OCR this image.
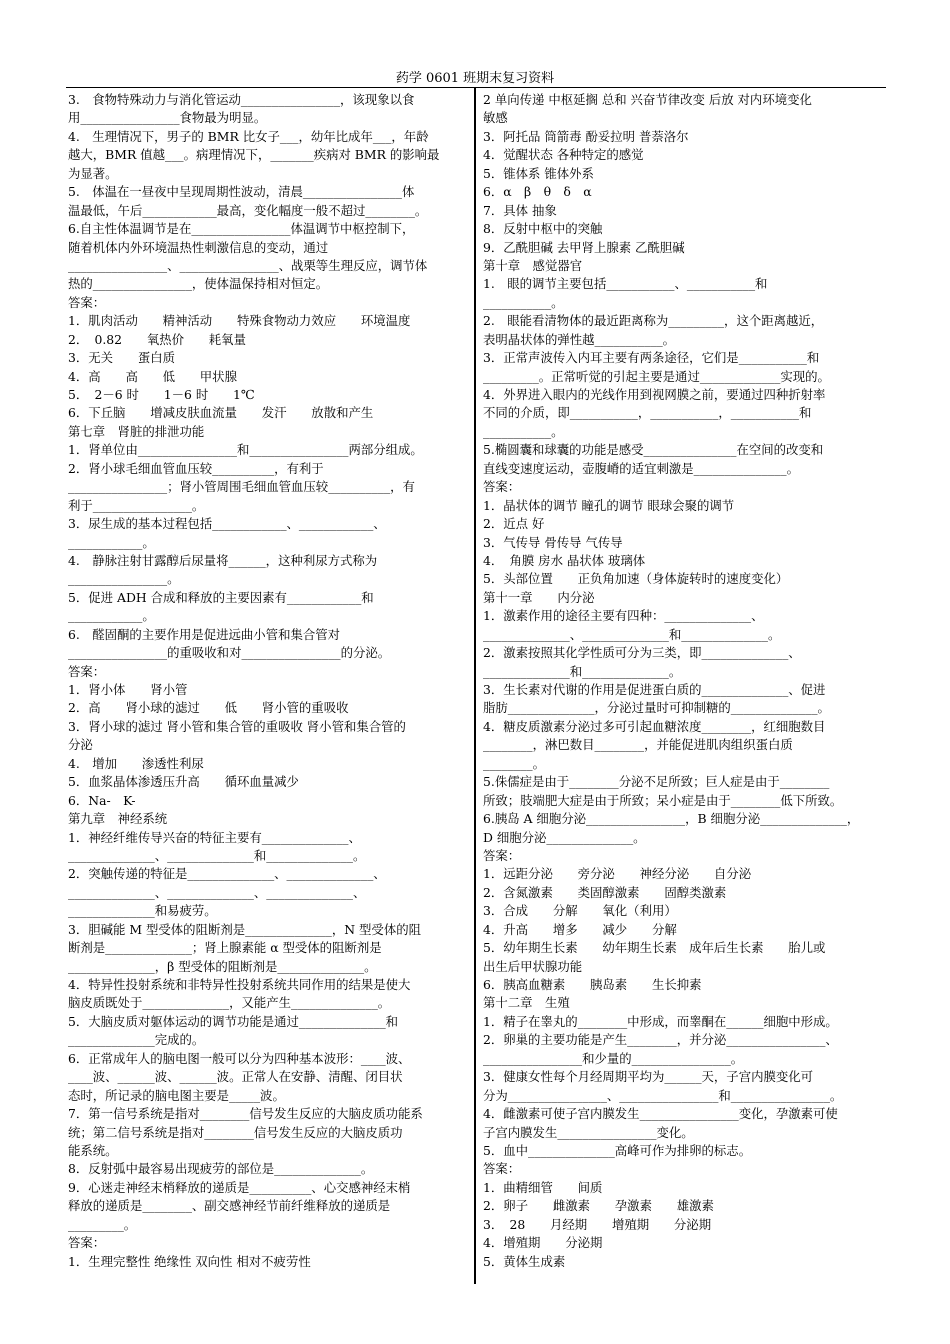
药学 0601 班期末复习资料
3.　食物特殊动力与消化管运动________________，该现象以食
用________________食物最为明显。
4.　生理情况下，男子的 BMR 比女子___，幼年比成年___，年龄
越大，BMR 值越___。病理情况下，_______疾病对 BMR 的影响最
为显著。
5.　体温在一昼夜中呈现周期性波动，清晨________________体
温最低，午后____________最高，变化幅度一般不超过________。
6.自主性体温调节是在________________体温调节中枢控制下，
随着机体内外环境温热性刺激信息的变动，通过
________________、________________、战栗等生理反应，调节体
热的________________，使体温保持相对恒定。
答案：
1．肌肉活动　　精神活动　　特殊食物动力效应　　环境温度
2．　0.82　　氧热价　　耗氧量
3．无关　　蛋白质
4．高　　高　　低　　甲状腺
5．　2－6 时　　1－6 时　　1℃
6．下丘脑　　增减皮肤血流量　　发汗　　放散和产生
第七章　肾脏的排泄功能
1．肾单位由________________和________________两部分组成。
2．肾小球毛细血管血压较__________，有利于
________________；肾小管周围毛细血管血压较__________，有
利于________________。
3．尿生成的基本过程包括____________、____________、
____________。
4.　静脉注射甘露醇后尿量将______，这种利尿方式称为
________________。
5．促进 ADH 合成和释放的主要因素有____________和
____________。
6.　醛固酮的主要作用是促进远曲小管和集合管对
________________的重吸收和对________________的分泌。
答案：
1．肾小体　　肾小管
2．高　　肾小球的滤过　　低　　肾小管的重吸收
3．肾小球的滤过 肾小管和集合管的重吸收 肾小管和集合管的
分泌
4.　增加　　渗透性利尿
5．血浆晶体渗透压升高　　循环血量减少
6．Na-　K-
第九章　神经系统
1．神经纤维传导兴奋的特征主要有______________、
______________、______________和______________。
2．突触传递的特征是______________、______________、
______________、______________、______________、
______________和易疲劳。
3．胆碱能 M 型受体的阻断剂是______________，N 型受体的阻
断剂是______________；肾上腺素能 α 型受体的阻断剂是
______________，β 型受体的阻断剂是______________。
4．特异性投射系统和非特异性投射系统共同作用的结果是使大
脑皮质既处于______________，又能产生______________。
5．大脑皮质对躯体运动的调节功能是通过______________和
______________完成的。
6．正常成年人的脑电图一般可以分为四种基本波形：____波、
____波、______波、______波。正常人在安静、清醒、闭目状
态时，所记录的脑电图主要是_____波。
7．第一信号系统是指对________信号发生反应的大脑皮质功能系
统；第二信号系统是指对________信号发生反应的大脑皮质功
能系统。
8．反射弧中最容易出现疲劳的部位是______________。
9．心迷走神经末梢释放的递质是__________、心交感神经末梢
释放的递质是________、副交感神经节前纤维释放的递质是
_________。
答案：
1．生理完整性 绝缘性 双向性 相对不疲劳性
2 单向传递 中枢延搁 总和 兴奋节律改变 后放 对内环境变化
敏感
3．阿托品 筒箭毒 酚妥拉明 普萘洛尔
4．觉醒状态 各种特定的感觉
5．锥体系 锥体外系
6．α　β　θ　δ　α
7．具体 抽象
8．反射中枢中的突触
9．乙酰胆碱 去甲肾上腺素 乙酰胆碱
第十章　感觉器官
1.　眼的调节主要包括___________、___________和
___________。
2.　眼能看清物体的最近距离称为_________，这个距离越近，
表明晶状体的弹性越___________。
3．正常声波传入内耳主要有两条途径，它们是___________和
_________。正常听觉的引起主要是通过_____________实现的。
4．外界进入眼内的光线作用到视网膜之前，要通过四种折射率
不同的介质，即___________，___________，___________和
___________。
5.椭圆囊和球囊的功能是感受_______________在空间的改变和
直线变速度运动，壶腹嵴的适宜刺激是_______________。
答案：
1．晶状体的调节 瞳孔的调节 眼球会聚的调节
2．近点 好
3．气传导 骨传导 气传导
4．　角膜 房水 晶状体 玻璃体
5．头部位置　　正负角加速（身体旋转时的速度变化）
第十一章　　内分泌
1．激素作用的途径主要有四种：______________、
______________、______________和______________。
2．激素按照其化学性质可分为三类，即______________、
______________和______________。
3．生长素对代谢的作用是促进蛋白质的______________、促进
脂肪______________，分泌过量时可抑制糖的______________。
4．糖皮质激素分泌过多可引起血糖浓度________，红细胞数目
________，淋巴数目________，并能促进肌肉组织蛋白质
________。
5.侏儒症是由于________分泌不足所致；巨人症是由于________
所致；肢端肥大症是由于所致；呆小症是由于________低下所致。
6.胰岛 A 细胞分泌________________，B 细胞分泌______________，
D 细胞分泌______________。
答案：
1．远距分泌　　旁分泌　　神经分泌　　自分泌
2．含氮激素　　类固醇激素　　固醇类激素
3．合成　　分解　　氧化（利用）
4．升高　　增多　　减少　　分解
5．幼年期生长素　　幼年期生长素　成年后生长素　　胎儿或
出生后甲状腺功能
6．胰高血糖素　　胰岛素　　生长抑素
第十二章　生殖
1．精子在睾丸的________中形成，而睾酮在______细胞中形成。
2．卵巢的主要功能是产生________，并分泌________________、
________________和少量的________________。
3．健康女性每个月经周期平均为______天，子宫内膜变化可
分为________________、________________和________________。
4．雌激素可使子宫内膜发生________________变化，孕激素可使
子宫内膜发生________________变化。
5．血中______________高峰可作为排卵的标志。
答案：
1．曲精细管　　间质
2．卵子　　雌激素　　孕激素　　雄激素
3．　28　　月经期　　增殖期　　分泌期
4．增殖期　　分泌期
5．黄体生成素
